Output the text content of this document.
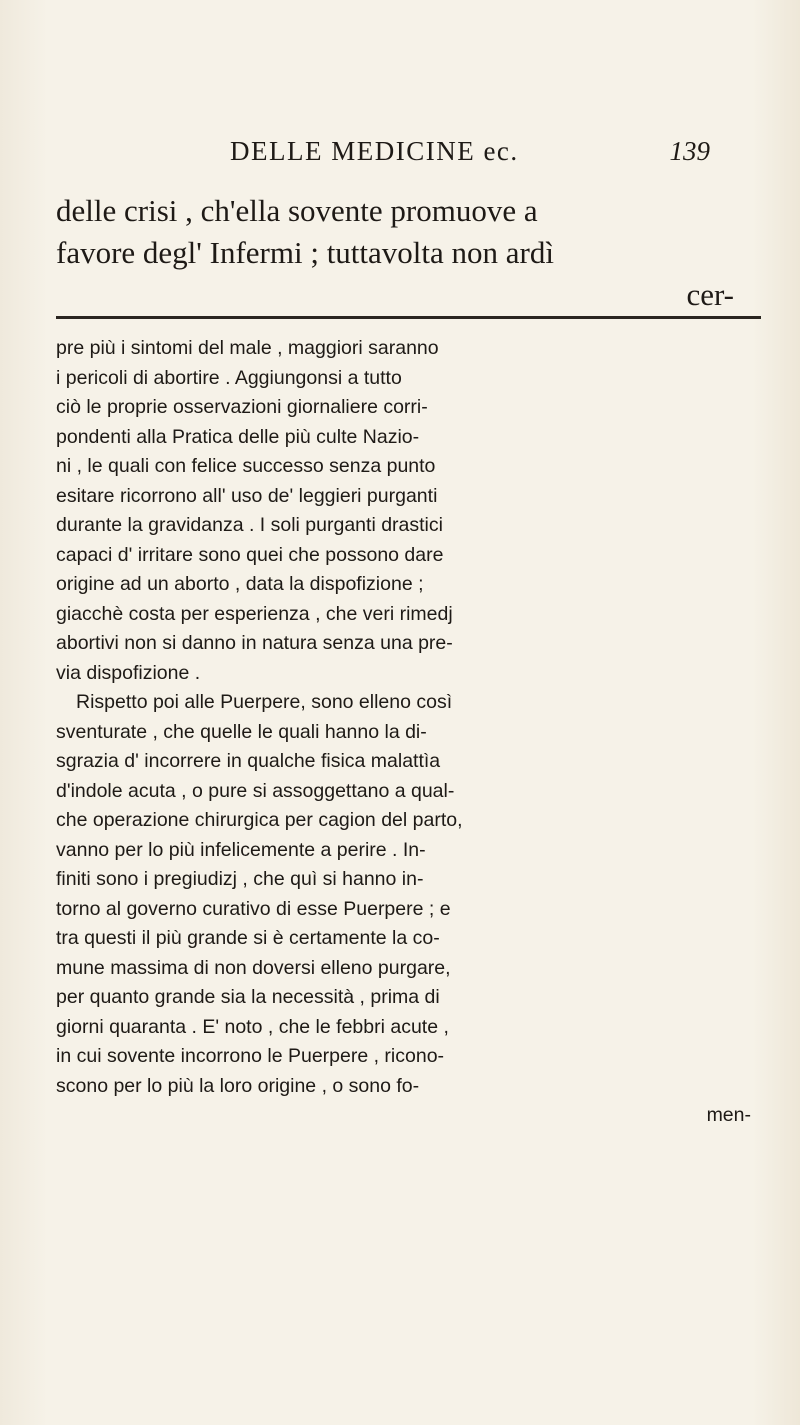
DELLE MEDICINE ec.	139
delle crisi , ch'ella sovente promuove a
favore degl' Infermi ; tuttavolta non ardì
cer-
pre più i sintomi del male , maggiori saranno
i pericoli di abortire . Aggiungonsi a tutto
ciò le proprie osservazioni giornaliere corri-
pondenti alla Pratica delle più culte Nazio-
ni , le quali con felice successo senza punto
esitare ricorrono all' uso de' leggieri purganti
durante la gravidanza . I soli purganti drastici
capaci d' irritare sono quei che possono dare
origine ad un aborto , data la dispofizione ;
giacchè costa per esperienza , che veri rimedj
abortivi non si danno in natura senza una pre-
via dispofizione .
Rispetto poi alle Puerpere, sono elleno così
sventurate , che quelle le quali hanno la di-
sgrazia d' incorrere in qualche fisica malattìa
d'indole acuta , o pure si assoggettano a qual-
che operazione chirurgica per cagion del parto,
vanno per lo più infelicemente a perire . In-
finiti sono i pregiudizj , che quì si hanno in-
torno al governo curativo di esse Puerpere ; e
tra questi il più grande si è certamente la co-
mune massima di non doversi elleno purgare,
per quanto grande sia la necessità , prima di
giorni quaranta . E' noto , che le febbri acute ,
in cui sovente incorrono le Puerpere , ricono-
scono per lo più la loro origine , o sono fo-
men-
